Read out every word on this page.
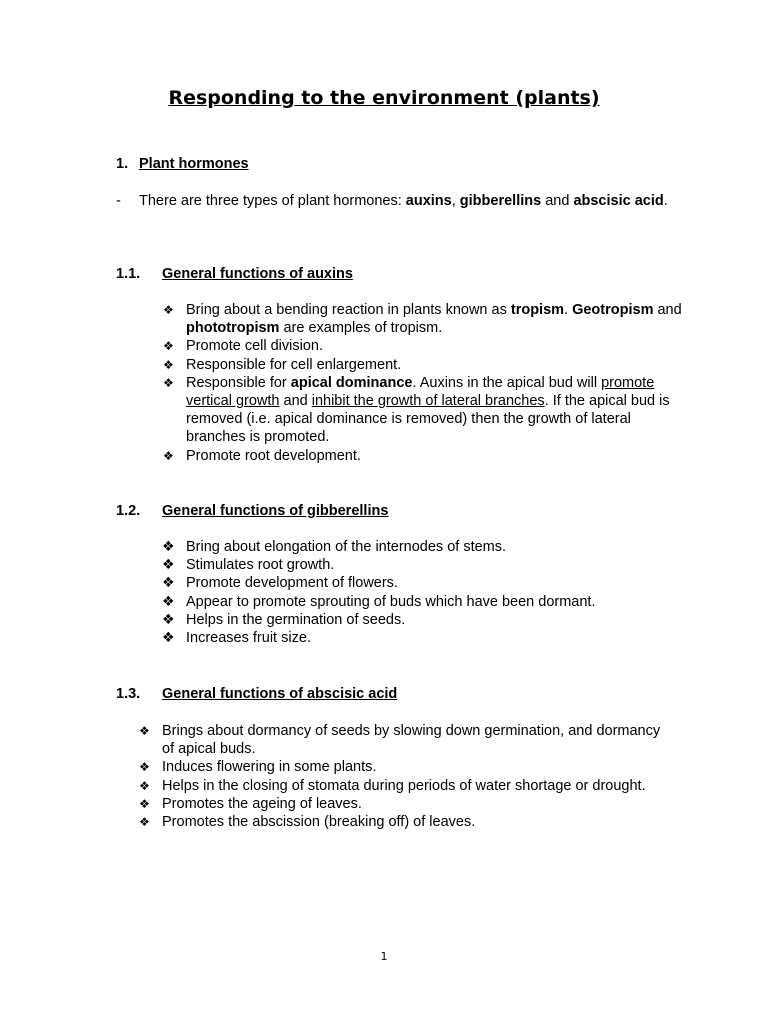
Responding to the environment (plants)
1. Plant hormones
- There are three types of plant hormones: auxins, gibberellins and abscisic acid.
1.1. General functions of auxins
❖ Bring about a bending reaction in plants known as tropism. Geotropism and phototropism are examples of tropism.
❖ Promote cell division.
❖ Responsible for cell enlargement.
❖ Responsible for apical dominance. Auxins in the apical bud will promote vertical growth and inhibit the growth of lateral branches. If the apical bud is removed (i.e. apical dominance is removed) then the growth of lateral branches is promoted.
❖ Promote root development.
1.2. General functions of gibberellins
❖ Bring about elongation of the internodes of stems.
❖ Stimulates root growth.
❖ Promote development of flowers.
❖ Appear to promote sprouting of buds which have been dormant.
❖ Helps in the germination of seeds.
❖ Increases fruit size.
1.3. General functions of abscisic acid
❖ Brings about dormancy of seeds by slowing down germination, and dormancy of apical buds.
❖ Induces flowering in some plants.
❖ Helps in the closing of stomata during periods of water shortage or drought.
❖ Promotes the ageing of leaves.
❖ Promotes the abscission (breaking off) of leaves.
1
